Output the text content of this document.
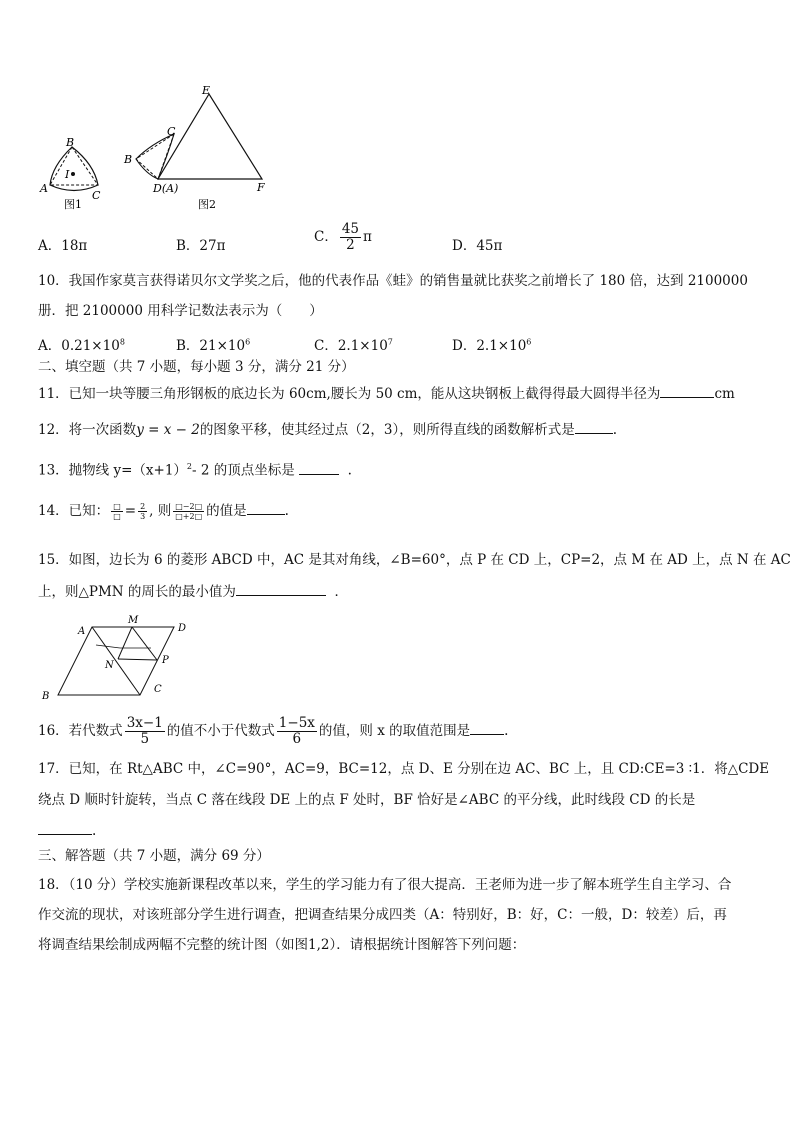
B
I
A
C
图1
E
C
B
D(A)	F
图2
A．18π	B．27π
C． $\frac{45}{2}$ π
D．45π
10．我国作家莫言获得诺贝尔文学奖之后，他的代表作品《蛙》的销售量就比获奖之前增长了 180 倍，达到 2100000
册．把 2100000 用科学记数法表示为（　　）
A．$0.21\times 10^8$	B．$21\times 10^6$	C．$2.1\times 10^7$	D．$2.1\times 10^6$
二、填空题（共 7 小题，每小题 3 分，满分 21 分）
11．已知一块等腰三角形钢板的底边长为 60cm,腰长为 50 cm，能从这块钢板上截得得最大圆得半径为	cm
12．将一次函数y = x − 2的图象平移，使其经过点（2，3），则所得直线的函数解析式是	.
13．抛物线 $y=(x+1)^2-$ 2 的顶点坐标是	.
14．已知： $\frac{□}{□} = \frac{2}{3}$ , 则 $\frac{□-2□}{□+2□}$ 的值是	.
15．如图，边长为 6 的菱形 ABCD 中，AC 是其对角线，∠B=60°，点 P 在 CD 上，CP=2，点 M 在 AD 上，点 N 在 AC
上，则△PMN 的周长的最小值为	．
A
M
D
N	P
B
C
16．若代数式 $\frac{3x-1}{5}$ 的值不小于代数式 $\frac{1-5x}{6}$ 的值，则 x 的取值范围是	.
17．已知，在 Rt△ABC 中，∠C=90°，AC=9，BC=12，点 D、E 分别在边 AC、BC 上，且 CD:CE=3 ∶1．将△CDE
绕点 D 顺时针旋转，当点 C 落在线段 DE 上的点 F 处时，BF 恰好是∠ABC 的平分线，此时线段 CD 的长是
.
三、解答题（共 7 小题，满分 69 分）
18．（10 分）学校实施新课程改革以来，学生的学习能力有了很大提高．王老师为进一步了解本班学生自主学习、合
作交流的现状，对该班部分学生进行调查，把调查结果分成四类（A：特别好，B：好，C：一般，D：较差）后，再
将调查结果绘制成两幅不完整的统计图（如图1,2）．请根据统计图解答下列问题：
